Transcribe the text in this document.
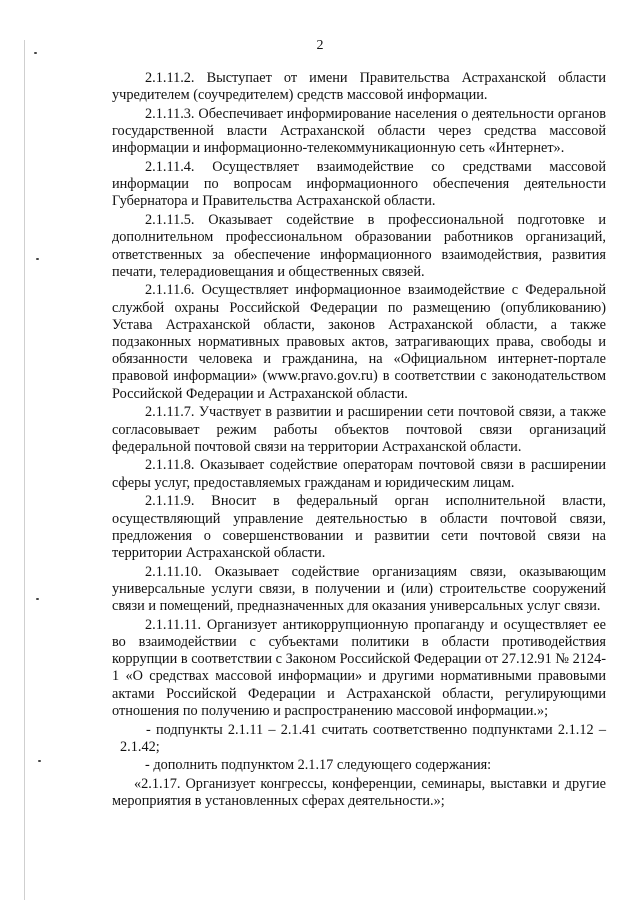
2

2.1.11.2. Выступает от имени Правительства Астраханской области учредителем (соучредителем) средств массовой информации.

2.1.11.3. Обеспечивает информирование населения о деятельности органов государственной власти Астраханской области через средства массовой информации и информационно-телекоммуникационную сеть «Интернет».

2.1.11.4. Осуществляет взаимодействие со средствами массовой информации по вопросам информационного обеспечения деятельности Губернатора и Правительства Астраханской области.

2.1.11.5. Оказывает содействие в профессиональной подготовке и дополнительном профессиональном образовании работников организаций, ответственных за обеспечение информационного взаимодействия, развития печати, телерадиовещания и общественных связей.

2.1.11.6. Осуществляет информационное взаимодействие с Федеральной службой охраны Российской Федерации по размещению (опубликованию) Устава Астраханской области, законов Астраханской области, а также подзаконных нормативных правовых актов, затрагивающих права, свободы и обязанности человека и гражданина, на «Официальном интернет-портале правовой информации» (www.pravo.gov.ru) в соответствии с законодательством Российской Федерации и Астраханской области.

2.1.11.7. Участвует в развитии и расширении сети почтовой связи, а также согласовывает режим работы объектов почтовой связи организаций федеральной почтовой связи на территории Астраханской области.

2.1.11.8. Оказывает содействие операторам почтовой связи в расширении сферы услуг, предоставляемых гражданам и юридическим лицам.

2.1.11.9. Вносит в федеральный орган исполнительной власти, осуществляющий управление деятельностью в области почтовой связи, предложения о совершенствовании и развитии сети почтовой связи на территории Астраханской области.

2.1.11.10. Оказывает содействие организациям связи, оказывающим универсальные услуги связи, в получении и (или) строительстве сооружений связи и помещений, предназначенных для оказания универсальных услуг связи.

2.1.11.11. Организует антикоррупционную пропаганду и осуществляет ее во взаимодействии с субъектами политики в области противодействия коррупции в соответствии с Законом Российской Федерации от 27.12.91 № 2124-1 «О средствах массовой информации» и другими нормативными правовыми актами Российской Федерации и Астраханской области, регулирующими отношения по получению и распространению массовой информации.»;

- подпункты 2.1.11 – 2.1.41 считать соответственно подпунктами 2.1.12 – 2.1.42;

- дополнить подпунктом 2.1.17 следующего содержания:

«2.1.17. Организует конгрессы, конференции, семинары, выставки и другие мероприятия в установленных сферах деятельности.»;
